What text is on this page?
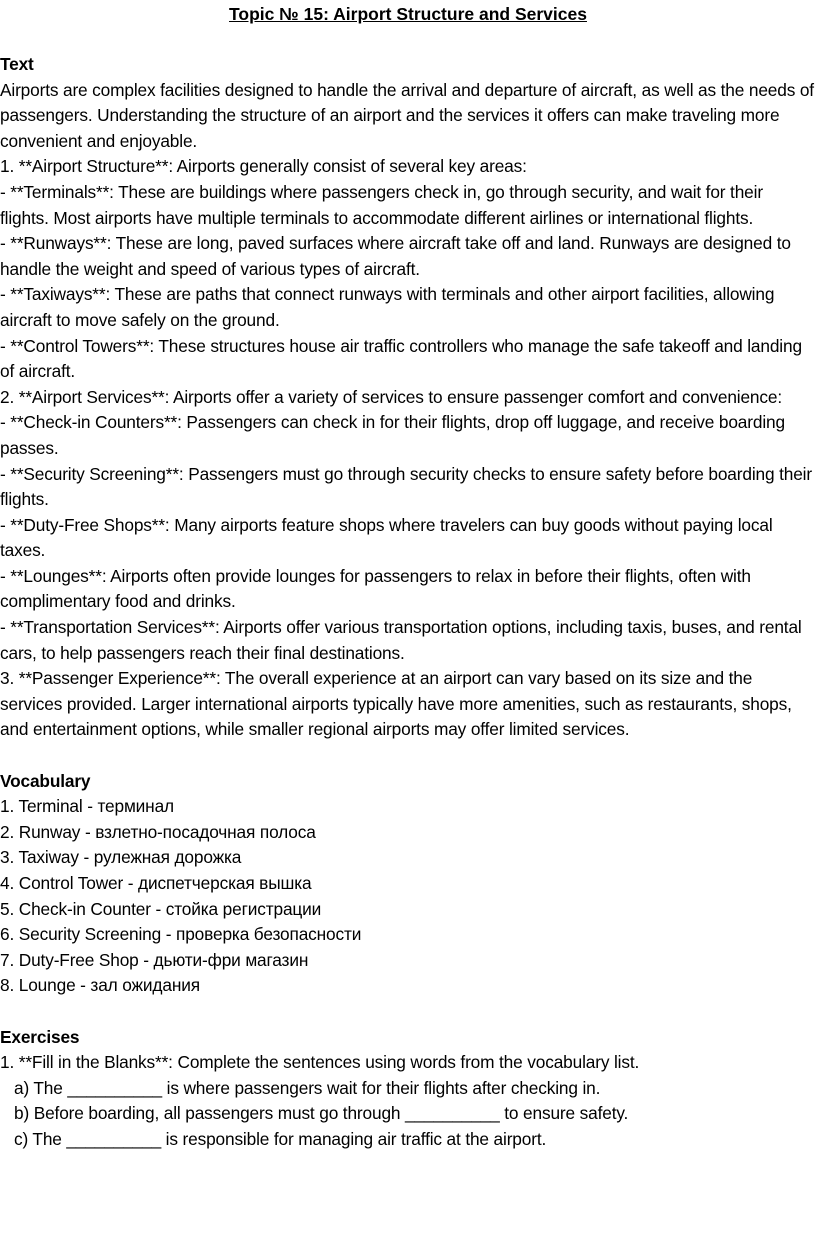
Topic № 15: Airport Structure and Services

Text

Airports are complex facilities designed to handle the arrival and departure of aircraft, as well as the needs of passengers. Understanding the structure of an airport and the services it offers can make traveling more convenient and enjoyable.

1. **Airport Structure**: Airports generally consist of several key areas:

- **Terminals**: These are buildings where passengers check in, go through security, and wait for their flights. Most airports have multiple terminals to accommodate different airlines or international flights.

- **Runways**: These are long, paved surfaces where aircraft take off and land. Runways are designed to handle the weight and speed of various types of aircraft.

- **Taxiways**: These are paths that connect runways with terminals and other airport facilities, allowing aircraft to move safely on the ground.

- **Control Towers**: These structures house air traffic controllers who manage the safe takeoff and landing of aircraft.

2. **Airport Services**: Airports offer a variety of services to ensure passenger comfort and convenience:

- **Check-in Counters**: Passengers can check in for their flights, drop off luggage, and receive boarding passes.

- **Security Screening**: Passengers must go through security checks to ensure safety before boarding their flights.

- **Duty-Free Shops**: Many airports feature shops where travelers can buy goods without paying local taxes.

- **Lounges**: Airports often provide lounges for passengers to relax in before their flights, often with complimentary food and drinks.

- **Transportation Services**: Airports offer various transportation options, including taxis, buses, and rental cars, to help passengers reach their final destinations.

3. **Passenger Experience**: The overall experience at an airport can vary based on its size and the services provided. Larger international airports typically have more amenities, such as restaurants, shops, and entertainment options, while smaller regional airports may offer limited services.

Vocabulary

1. Terminal - терминал

2. Runway - взлетно-посадочная полоса

3. Taxiway - рулежная дорожка

4. Control Tower - диспетчерская вышка

5. Check-in Counter - стойка регистрации

6. Security Screening - проверка безопасности

7. Duty-Free Shop - дьюти-фри магазин

8. Lounge - зал ожидания

Exercises

1. **Fill in the Blanks**: Complete the sentences using words from the vocabulary list.

a) The __________ is where passengers wait for their flights after checking in.

b) Before boarding, all passengers must go through __________ to ensure safety.

c) The __________ is responsible for managing air traffic at the airport.
